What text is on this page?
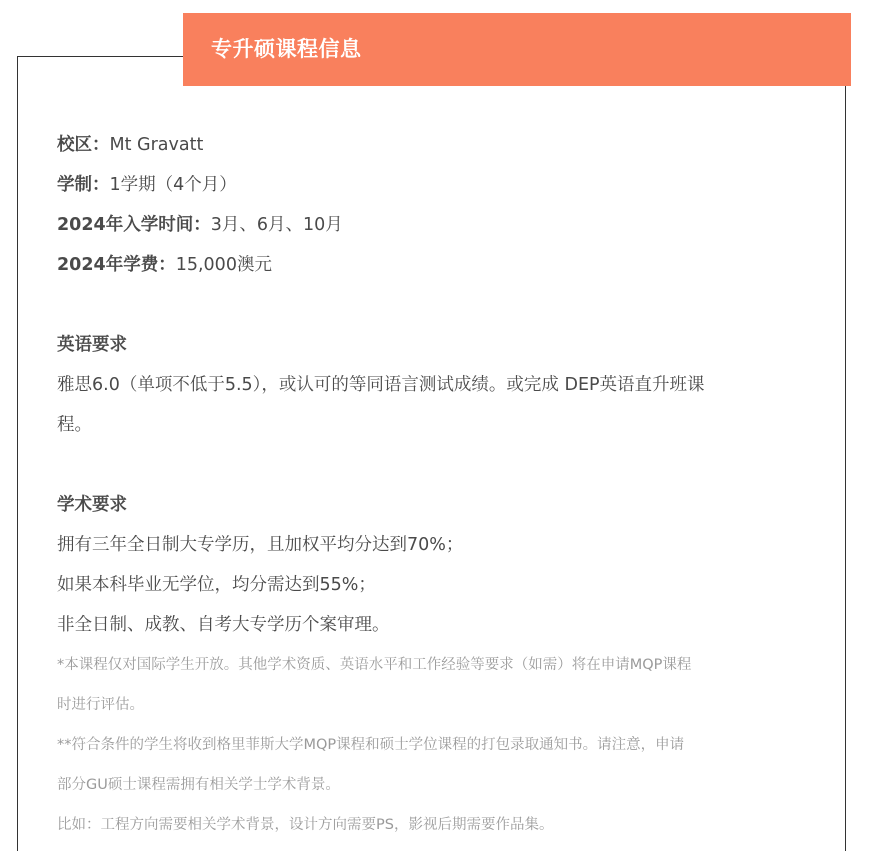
专升硕课程信息
校区：Mt Gravatt
学制：1学期（4个月）
2024年入学时间：3月、6月、10月
2024年学费：15,000澳元
英语要求
雅思6.0（单项不低于5.5），或认可的等同语言测试成绩。或完成 DEP英语直升班课
程。
学术要求
拥有三年全日制大专学历，且加权平均分达到70%；
如果本科毕业无学位，均分需达到55%；
非全日制、成教、自考大专学历个案审理。
*本课程仅对国际学生开放。其他学术资质、英语水平和工作经验等要求（如需）将在申请MQP课程
时进行评估。
**符合条件的学生将收到格里菲斯大学MQP课程和硕士学位课程的打包录取通知书。请注意，申请
部分GU硕士课程需拥有相关学士学术背景。
比如：工程方向需要相关学术背景，设计方向需要PS，影视后期需要作品集。
